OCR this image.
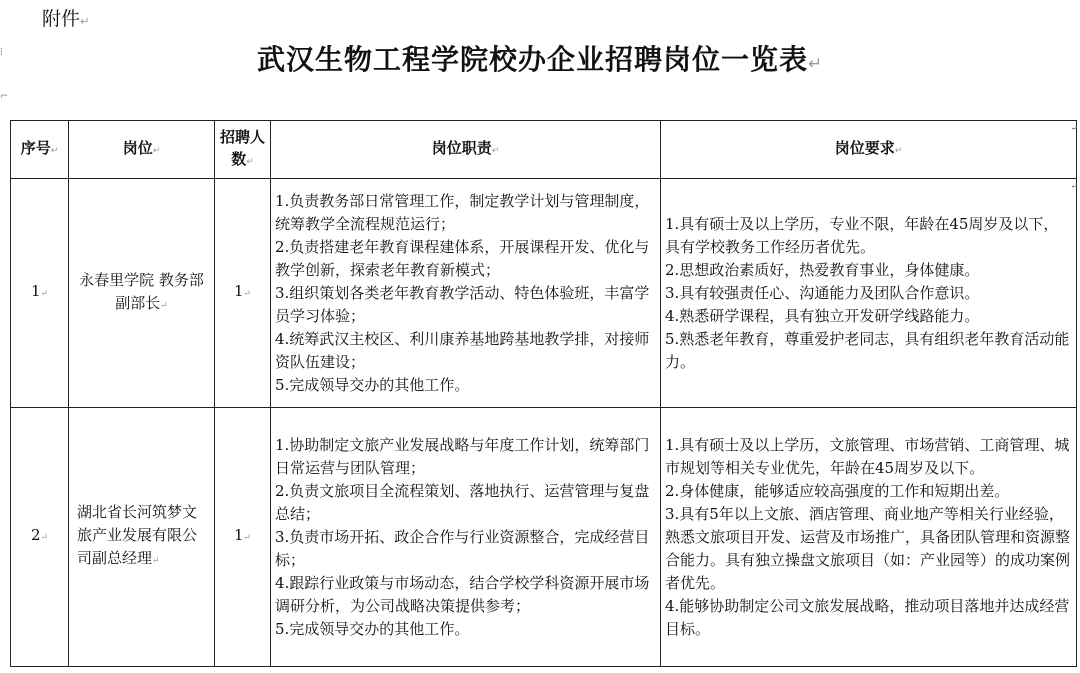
附件↵
⁞
⌐
武汉生物工程学院校办企业招聘岗位一览表↵
序号↵	岗位↵	招聘人数↵	岗位职责↵	岗位要求↵
1↵	永春里学院 教务部副部长↵	1↵	1.负责教务部日常管理工作，制定教学计划与管理制度，统筹教学全流程规范运行；
2.负责搭建老年教育课程建体系，开展课程开发、优化与教学创新，探索老年教育新模式；
3.组织策划各类老年教育教学活动、特色体验班，丰富学员学习体验；
4.统筹武汉主校区、利川康养基地跨基地教学排，对接师资队伍建设；
5.完成领导交办的其他工作。	1.具有硕士及以上学历，专业不限，年龄在45周岁及以下，具有学校教务工作经历者优先。
2.思想政治素质好，热爱教育事业，身体健康。
3.具有较强责任心、沟通能力及团队合作意识。
4.熟悉研学课程，具有独立开发研学线路能力。
5.熟悉老年教育，尊重爱护老同志，具有组织老年教育活动能力。

2↵	湖北省长河筑梦文旅产业发展有限公司副总经理↵	1↵	1.协助制定文旅产业发展战略与年度工作计划，统筹部门日常运营与团队管理；
2.负责文旅项目全流程策划、落地执行、运营管理与复盘总结；
3.负责市场开拓、政企合作与行业资源整合，完成经营目标；
4.跟踪行业政策与市场动态，结合学校学科资源开展市场调研分析，为公司战略决策提供参考；
5.完成领导交办的其他工作。	1.具有硕士及以上学历，文旅管理、市场营销、工商管理、城市规划等相关专业优先，年龄在45周岁及以下。
2.身体健康，能够适应较高强度的工作和短期出差。
3.具有5年以上文旅、酒店管理、商业地产等相关行业经验，熟悉文旅项目开发、运营及市场推广，具备团队管理和资源整合能力。具有独立操盘文旅项目（如：产业园等）的成功案例者优先。
4.能够协助制定公司文旅发展战略，推动项目落地并达成经营目标。
↵
↵
